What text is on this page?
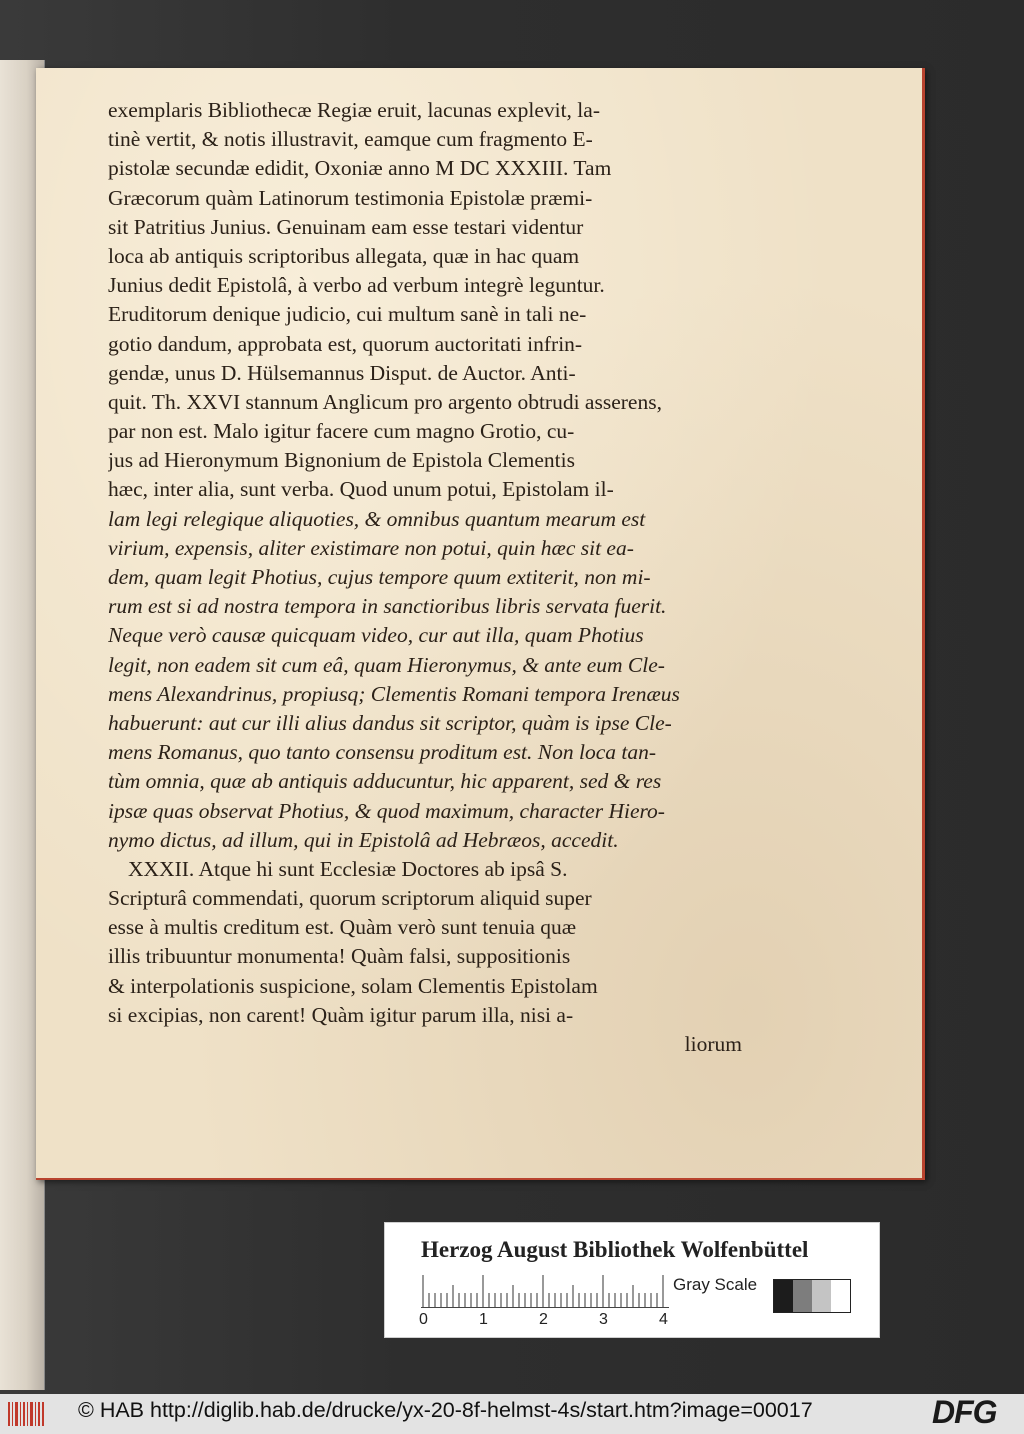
exemplaris Bibliothecæ Regiæ eruit, lacunas explevit, la-
tinè vertit, & notis illustravit, eamque cum fragmento E-
pistolæ secundæ edidit, Oxoniæ anno M DC XXXIII. Tam
Græcorum quàm Latinorum testimonia Epistolæ præmi-
sit Patritius Junius. Genuinam eam esse testari videntur
loca ab antiquis scriptoribus allegata, quæ in hac quam
Junius dedit Epistolâ, à verbo ad verbum integrè leguntur.
Eruditorum denique judicio, cui multum sanè in tali ne-
gotio dandum, approbata est, quorum auctoritati infrin-
gendæ, unus D. Hülsemannus Disput. de Auctor. Anti-
quit. Th. XXVI stannum Anglicum pro argento obtrudi asserens,
par non est. Malo igitur facere cum magno Grotio, cu-
jus ad Hieronymum Bignonium de Epistola Clementis
hæc, inter alia, sunt verba. Quod unum potui, Epistolam il-
lam legi relegique aliquoties, & omnibus quantum mearum est
virium, expensis, aliter existimare non potui, quin hæc sit ea-
dem, quam legit Photius, cujus tempore quum extiterit, non mi-
rum est si ad nostra tempora in sanctioribus libris servata fuerit.
Neque verò causæ quicquam video, cur aut illa, quam Photius
legit, non eadem sit cum eâ, quam Hieronymus, & ante eum Cle-
mens Alexandrinus, propiusq; Clementis Romani tempora Irenæus
habuerunt: aut cur illi alius dandus sit scriptor, quàm is ipse Cle-
mens Romanus, quo tanto consensu proditum est. Non loca tan-
tùm omnia, quæ ab antiquis adducuntur, hic apparent, sed & res
ipsæ quas observat Photius, & quod maximum, character Hiero-
nymo dictus, ad illum, qui in Epistolâ ad Hebræos, accedit.
XXXII. Atque hi sunt Ecclesiæ Doctores ab ipsâ S.
Scripturâ commendati, quorum scriptorum aliquid super
esse à multis creditum est. Quàm verò sunt tenuia quæ
illis tribuuntur monumenta! Quàm falsi, suppositionis
& interpolationis suspicione, solam Clementis Epistolam
si excipias, non carent! Quàm igitur parum illa, nisi a-
liorum
Herzog August Bibliothek Wolfenbüttel
0	1	2	3	4
Gray Scale
© HAB http://diglib.hab.de/drucke/yx-20-8f-helmst-4s/start.htm?image=00017	DFG
